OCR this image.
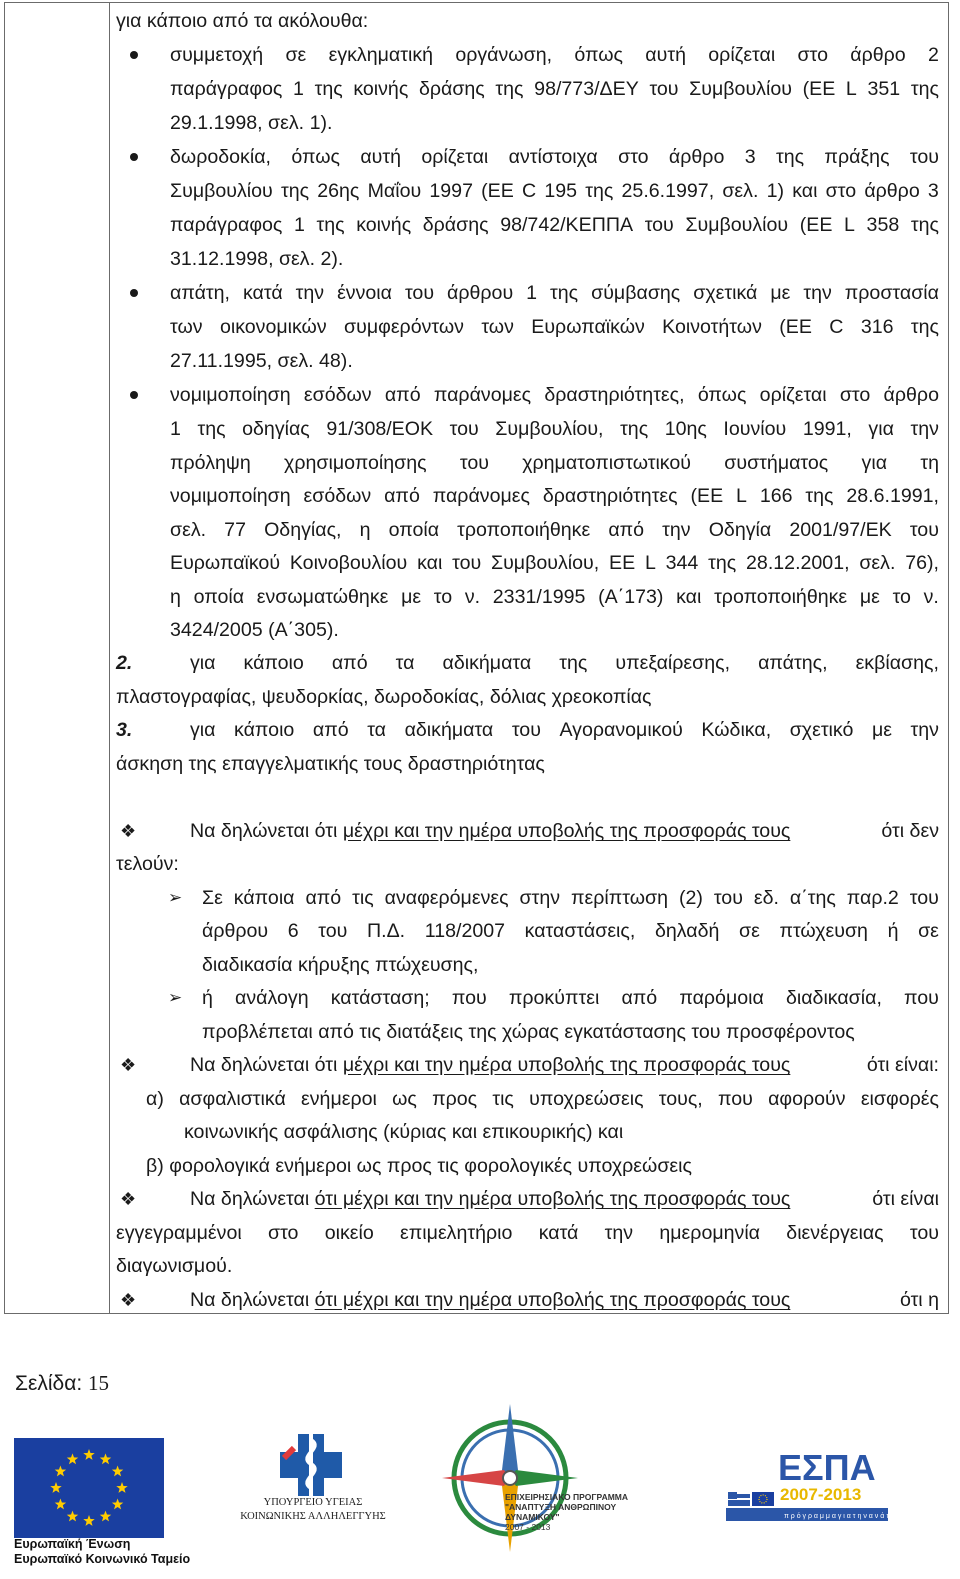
για κάποιο από τα ακόλουθα:
συμμετοχή σε εγκληματική οργάνωση, όπως αυτή ορίζεται στο άρθρο 2
παράγραφος 1 της κοινής δράσης της 98/773/ΔΕΥ του Συμβουλίου (ΕΕ L 351 της
29.1.1998, σελ. 1).
δωροδοκία, όπως αυτή ορίζεται αντίστοιχα στο άρθρο 3 της πράξης του
Συμβουλίου της 26ης Μαΐου 1997 (ΕΕ C 195 της 25.6.1997, σελ. 1) και στο άρθρο 3
παράγραφος 1 της κοινής δράσης 98/742/ΚΕΠΠΑ του Συμβουλίου (ΕΕ L 358 της
31.12.1998, σελ. 2).
απάτη, κατά την έννοια του άρθρου 1 της σύμβασης σχετικά με την προστασία
των οικονομικών συμφερόντων των Ευρωπαϊκών Κοινοτήτων (ΕΕ C 316 της
27.11.1995, σελ. 48).
νομιμοποίηση εσόδων από παράνομες δραστηριότητες, όπως ορίζεται στο άρθρο
1 της οδηγίας 91/308/ΕΟΚ του Συμβουλίου, της 10ης Ιουνίου 1991, για την
πρόληψη χρησιμοποίησης του χρηματοπιστωτικού συστήματος για τη
νομιμοποίηση εσόδων από παράνομες δραστηριότητες (ΕΕ L 166 της 28.6.1991,
σελ. 77 Οδηγίας, η οποία τροποποιήθηκε από την Οδηγία 2001/97/ΕΚ του
Ευρωπαϊκού Κοινοβουλίου και του Συμβουλίου, ΕΕ L 344 της 28.12.2001, σελ. 76),
η οποία ενσωματώθηκε με το ν. 2331/1995 (Α΄173) και τροποποιήθηκε με το ν.
3424/2005 (Α΄305).
2.	για κάποιο από τα αδικήματα της υπεξαίρεσης, απάτης, εκβίασης,
πλαστογραφίας, ψευδορκίας, δωροδοκίας, δόλιας χρεοκοπίας
3.	για κάποιο από τα αδικήματα του Αγορανομικού Κώδικα, σχετικό με την
άσκηση της επαγγελματικής τους δραστηριότητας
❖	Να δηλώνεται ότι μέχρι και την ημέρα υποβολής της προσφοράς τους	ότι δεν
τελούν:
➢ Σε κάποια από τις αναφερόμενες στην περίπτωση (2) του εδ. α΄της παρ.2 του
άρθρου 6 του Π.Δ. 118/2007 καταστάσεις, δηλαδή σε πτώχευση ή σε
διαδικασία κήρυξης πτώχευσης,
➢ ή ανάλογη κατάσταση; που προκύπτει από παρόμοια διαδικασία, που
προβλέπεται από τις διατάξεις της χώρας εγκατάστασης του προσφέροντος
❖	Να δηλώνεται ότι μέχρι και την ημέρα υποβολής της προσφοράς τους	ότι είναι:
α) ασφαλιστικά ενήμεροι ως προς τις υποχρεώσεις τους, που αφορούν εισφορές
κοινωνικής ασφάλισης (κύριας και επικουρικής) και
β) φορολογικά ενήμεροι ως προς τις φορολογικές υποχρεώσεις
❖	Να δηλώνεται ότι μέχρι και την ημέρα υποβολής της προσφοράς τους	ότι είναι
εγγεγραμμένοι στο οικείο επιμελητήριο κατά την ημερομηνία διενέργειας του
διαγωνισμού.
❖	Να δηλώνεται ότι μέχρι και την ημέρα υποβολής της προσφοράς τους	ότι η
Σελίδα: 15
Ευρωπαϊκή Ένωση
Ευρωπαϊκό Κοινωνικό Ταμείο
ΥΠΟΥΡΓΕΙΟ ΥΓΕΙΑΣ
ΚΟΙΝΩΝΙΚΗΣ ΑΛΛΗΛΕΓΓΥΗΣ
ΕΠΙΧΕΙΡΗΣΙΑΚΟ ΠΡΟΓΡΑΜΜΑ
"ΑΝΑΠΤΥΞΗ ΑΝΘΡΩΠΙΝΟΥ ΔΥΝΑΜΙΚΟΥ"
2007 - 2013
ΕΣΠΑ
2007-2013
π ρ ό γ ρ α μ μ α γ ι α τ η ν α ν ά π τ υ ξ η
